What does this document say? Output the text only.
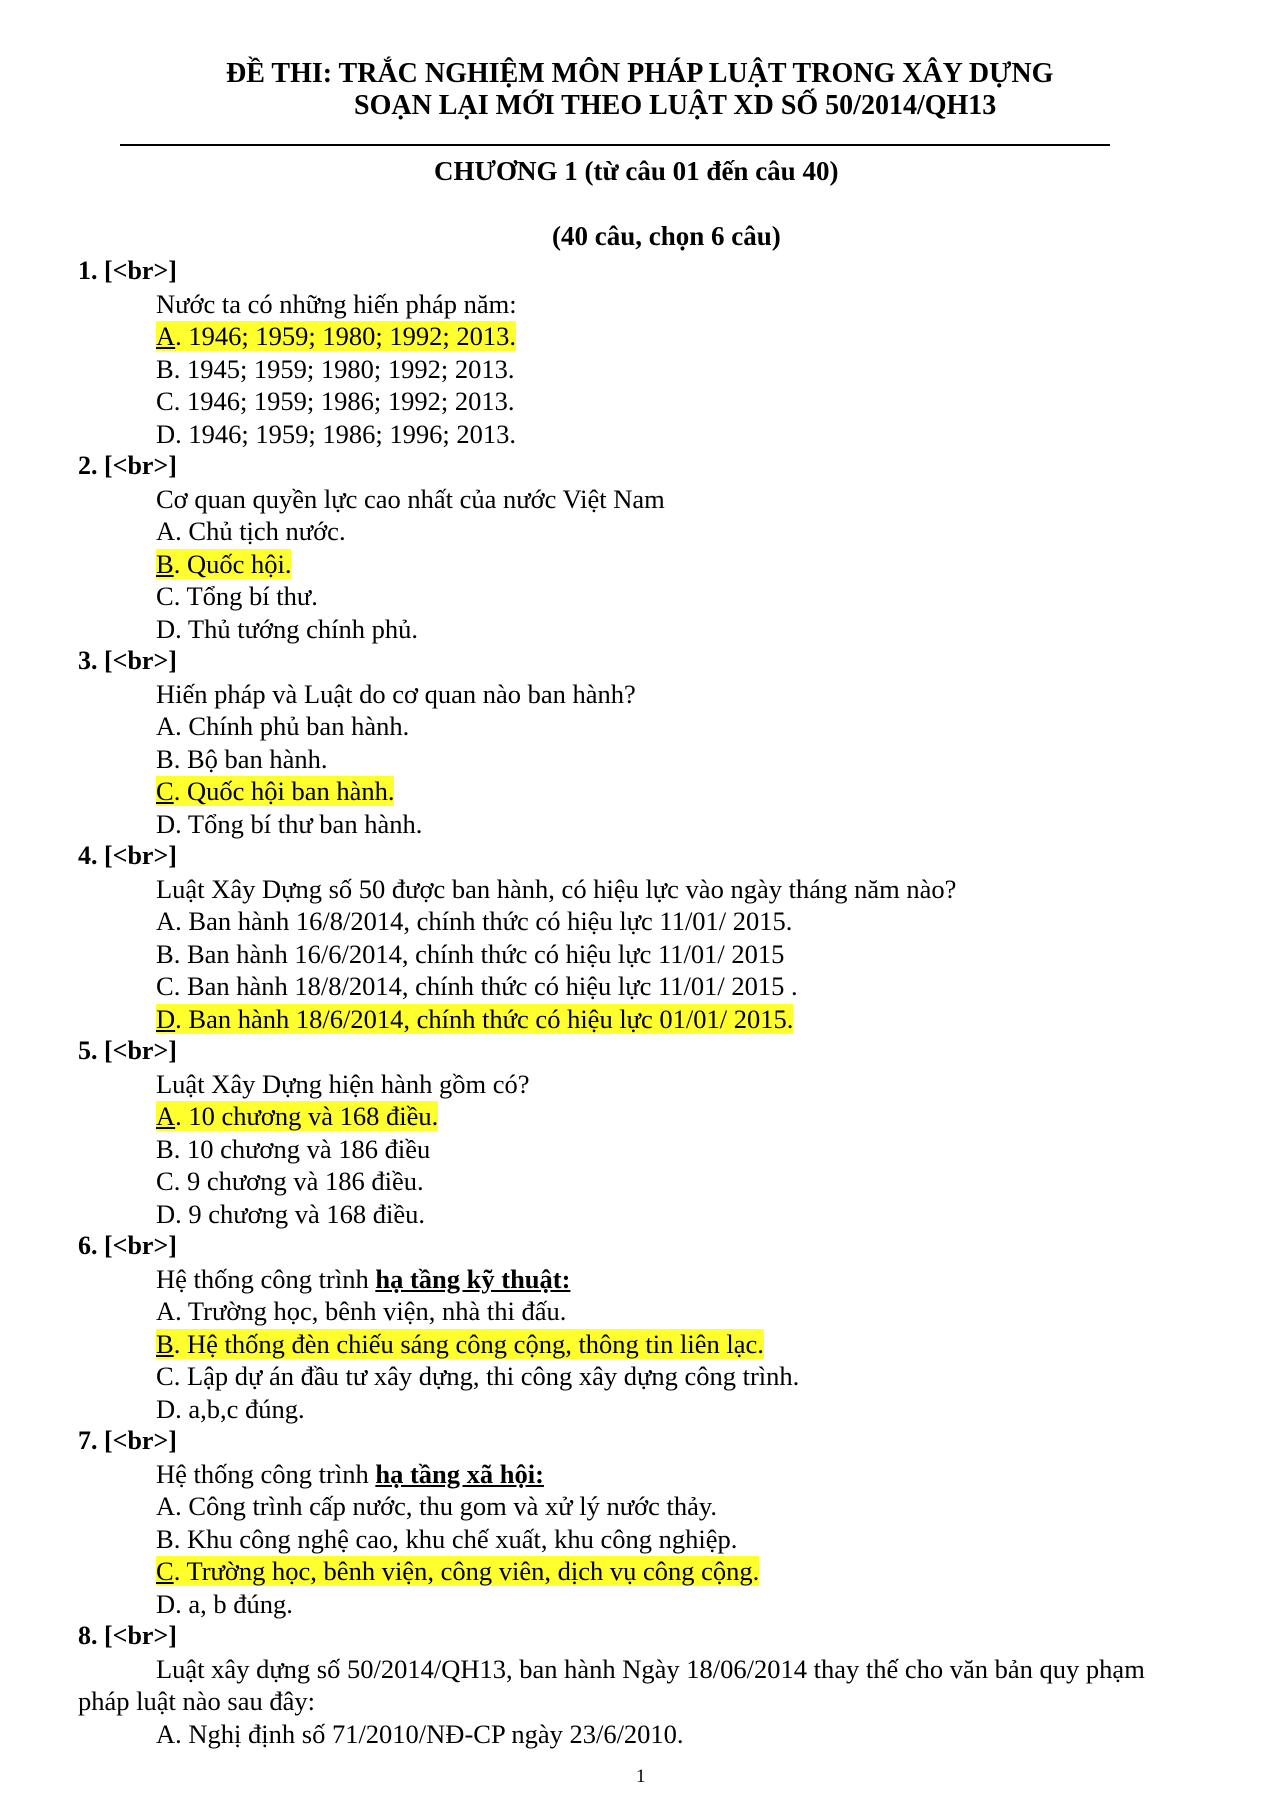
ĐỀ THI: TRẮC NGHIỆM MÔN PHÁP LUẬT TRONG XÂY DỰNG
SOẠN LẠI MỚI THEO LUẬT XD SỐ 50/2014/QH13
CHƯƠNG 1 (từ câu 01 đến câu 40)
(40 câu, chọn 6 câu)
1. [<br>]
Nước ta có những hiến pháp năm:
A. 1946; 1959; 1980; 1992; 2013.
B. 1945; 1959; 1980; 1992; 2013.
C. 1946; 1959; 1986; 1992; 2013.
D. 1946; 1959; 1986; 1996; 2013.
2. [<br>]
Cơ quan quyền lực cao nhất của nước Việt Nam
A. Chủ tịch nước.
B. Quốc hội.
C. Tổng bí thư.
D. Thủ tướng chính phủ.
3. [<br>]
Hiến pháp và Luật do cơ quan nào ban hành?
A. Chính phủ ban hành.
B. Bộ ban hành.
C. Quốc hội ban hành.
D. Tổng bí thư ban hành.
4. [<br>]
Luật Xây Dựng số 50 được ban hành, có hiệu lực vào ngày tháng năm nào?
A. Ban hành 16/8/2014, chính thức có hiệu lực 11/01/ 2015.
B. Ban hành 16/6/2014, chính thức có hiệu lực 11/01/ 2015
C. Ban hành 18/8/2014, chính thức có hiệu lực 11/01/ 2015 .
D. Ban hành 18/6/2014, chính thức có hiệu lực 01/01/ 2015.
5. [<br>]
Luật Xây Dựng hiện hành gồm có?
A. 10 chương và 168 điều.
B. 10 chương và 186 điều
C. 9 chương và 186 điều.
D. 9 chương và 168 điều.
6. [<br>]
Hệ thống công trình hạ tầng kỹ thuật:
A. Trường học, bênh viện, nhà thi đấu.
B. Hệ thống đèn chiếu sáng công cộng, thông tin liên lạc.
C. Lập dự án đầu tư xây dựng, thi công xây dựng công trình.
D. a,b,c đúng.
7. [<br>]
Hệ thống công trình hạ tầng xã hội:
A. Công trình cấp nước, thu gom và xử lý nước thảy.
B. Khu công nghệ cao, khu chế xuất, khu công nghiệp.
C. Trường học, bênh viện, công viên, dịch vụ công cộng.
D. a, b đúng.
8. [<br>]
Luật xây dựng số 50/2014/QH13, ban hành Ngày 18/06/2014 thay thế cho văn bản quy phạm
pháp luật nào sau đây:
A. Nghị định số 71/2010/NĐ-CP ngày 23/6/2010.
1
